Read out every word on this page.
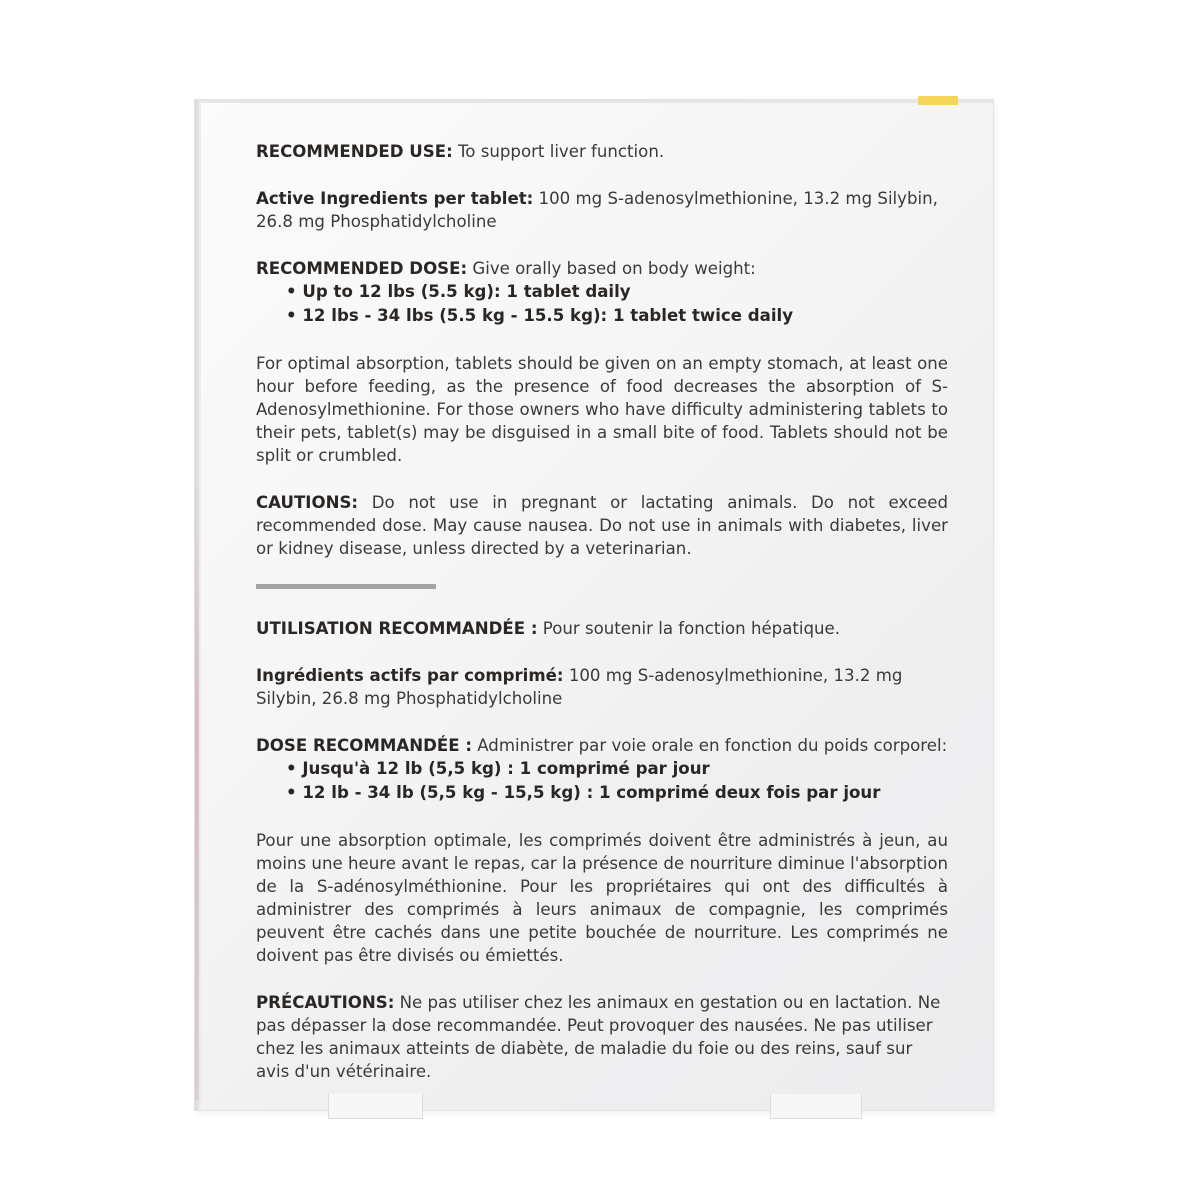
RECOMMENDED USE: To support liver function.

Active Ingredients per tablet: 100 mg S-adenosylmethionine, 13.2 mg Silybin, 26.8 mg Phosphatidylcholine

RECOMMENDED DOSE: Give orally based on body weight:
• Up to 12 lbs (5.5 kg): 1 tablet daily
• 12 lbs - 34 lbs (5.5 kg - 15.5 kg): 1 tablet twice daily

For optimal absorption, tablets should be given on an empty stomach, at least one hour before feeding, as the presence of food decreases the absorption of S-Adenosylmethionine. For those owners who have difficulty administering tablets to their pets, tablet(s) may be disguised in a small bite of food. Tablets should not be split or crumbled.

CAUTIONS: Do not use in pregnant or lactating animals. Do not exceed recommended dose. May cause nausea. Do not use in animals with diabetes, liver or kidney disease, unless directed by a veterinarian.

UTILISATION RECOMMANDÉE : Pour soutenir la fonction hépatique.

Ingrédients actifs par comprimé: 100 mg S-adenosylmethionine, 13.2 mg Silybin, 26.8 mg Phosphatidylcholine

DOSE RECOMMANDÉE : Administrer par voie orale en fonction du poids corporel:
• Jusqu'à 12 lb (5,5 kg) : 1 comprimé par jour
• 12 lb - 34 lb (5,5 kg - 15,5 kg) : 1 comprimé deux fois par jour

Pour une absorption optimale, les comprimés doivent être administrés à jeun, au moins une heure avant le repas, car la présence de nourriture diminue l'absorption de la S-adénosylméthionine. Pour les propriétaires qui ont des difficultés à administrer des comprimés à leurs animaux de compagnie, les comprimés peuvent être cachés dans une petite bouchée de nourriture. Les comprimés ne doivent pas être divisés ou émiettés.

PRÉCAUTIONS: Ne pas utiliser chez les animaux en gestation ou en lactation. Ne pas dépasser la dose recommandée. Peut provoquer des nausées. Ne pas utiliser chez les animaux atteints de diabète, de maladie du foie ou des reins, sauf sur avis d'un vétérinaire.
